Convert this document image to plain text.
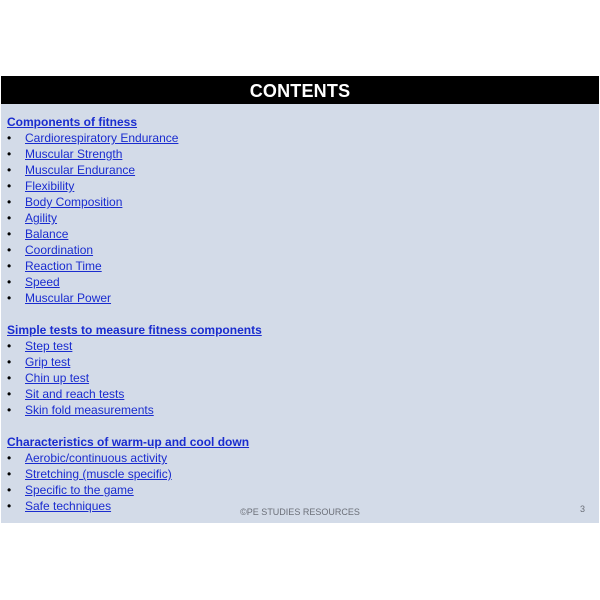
CONTENTS
Components of fitness
• Cardiorespiratory Endurance
• Muscular Strength
• Muscular Endurance
• Flexibility
• Body Composition
• Agility
• Balance
• Coordination
• Reaction Time
• Speed
• Muscular Power
Simple tests to measure fitness components
• Step test
• Grip test
• Chin up test
• Sit and reach tests
• Skin fold measurements
Characteristics of warm-up and cool down
• Aerobic/continuous activity
• Stretching (muscle specific)
• Specific to the game
• Safe techniques	©PE STUDIES RESOURCES	3
